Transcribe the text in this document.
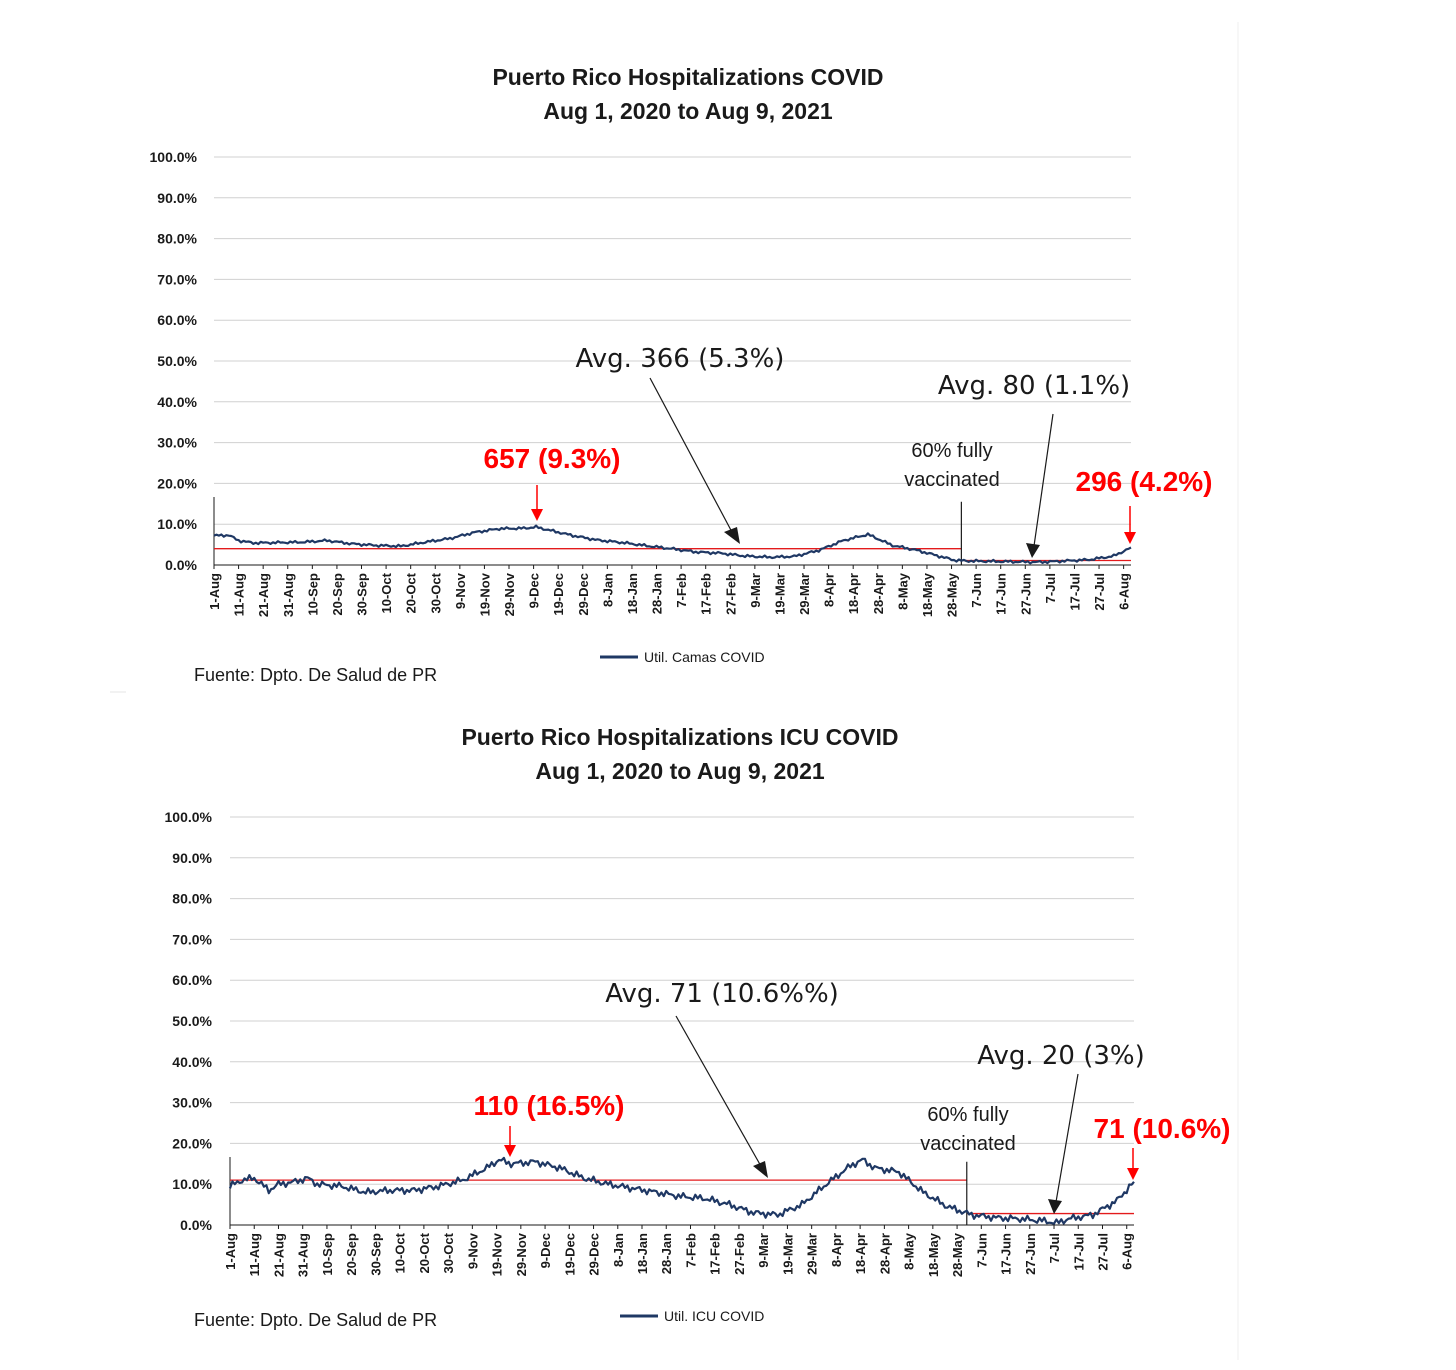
Puerto Rico Hospitalizations COVID
Aug 1, 2020 to Aug 9, 2021
0.0%
10.0%
20.0%
30.0%
40.0%
50.0%
60.0%
70.0%
80.0%
90.0%
100.0%
1-Aug 11-Aug 21-Aug 31-Aug 10-Sep 20-Sep 30-Sep 10-Oct 20-Oct 30-Oct 9-Nov 19-Nov 29-Nov 9-Dec 19-Dec 29-Dec 8-Jan 18-Jan 28-Jan 7-Feb 17-Feb 27-Feb 9-Mar 19-Mar 29-Mar 8-Apr 18-Apr 28-Apr 8-May 18-May 28-May 7-Jun 17-Jun 27-Jun 7-Jul 17-Jul 27-Jul 6-Aug
Avg. 366 (5.3%)
Avg. 80 (1.1%)
60% fully
vaccinated
657 (9.3%)
296 (4.2%)
Util. Camas COVID
Fuente: Dpto. De Salud de PR
Puerto Rico Hospitalizations ICU COVID
Aug 1, 2020 to Aug 9, 2021
0.0%
10.0%
20.0%
30.0%
40.0%
50.0%
60.0%
70.0%
80.0%
90.0%
100.0%
1-Aug 11-Aug 21-Aug 31-Aug 10-Sep 20-Sep 30-Sep 10-Oct 20-Oct 30-Oct 9-Nov 19-Nov 29-Nov 9-Dec 19-Dec 29-Dec 8-Jan 18-Jan 28-Jan 7-Feb 17-Feb 27-Feb 9-Mar 19-Mar 29-Mar 8-Apr 18-Apr 28-Apr 8-May 18-May 28-May 7-Jun 17-Jun 27-Jun 7-Jul 17-Jul 27-Jul 6-Aug
Avg. 71 (10.6%%)
Avg. 20 (3%)
60% fully
vaccinated
110 (16.5%)
71 (10.6%)
Util. ICU COVID
Fuente: Dpto. De Salud de PR
